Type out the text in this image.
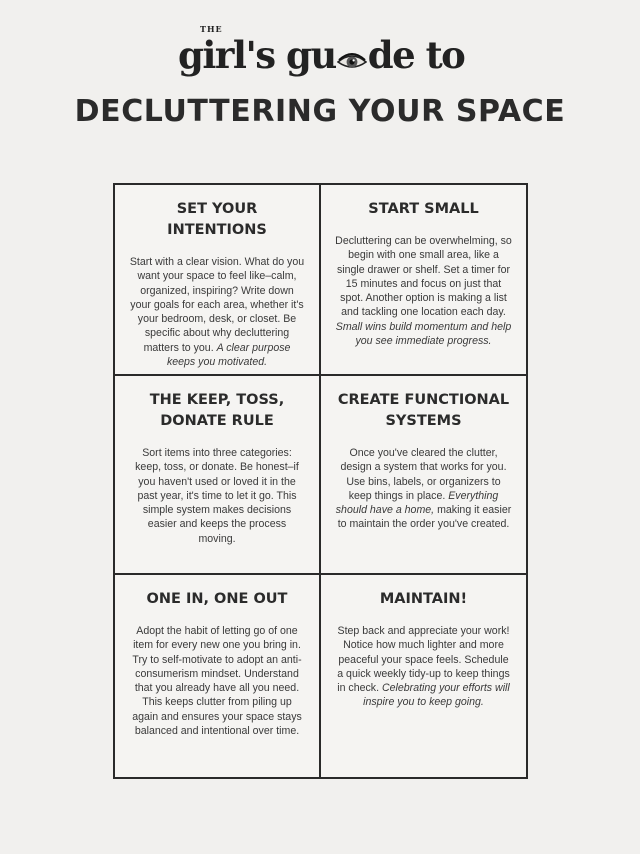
THE
girl's gu de to
DECLUTTERING YOUR SPACE

SET YOUR INTENTIONS

Start with a clear vision. What do you want your space to feel like–calm, organized, inspiring? Write down your goals for each area, whether it's your bedroom, desk, or closet. Be specific about why decluttering matters to you. A clear purpose keeps you motivated.

START SMALL

Decluttering can be overwhelming, so begin with one small area, like a single drawer or shelf. Set a timer for 15 minutes and focus on just that spot. Another option is making a list and tackling one location each day. Small wins build momentum and help you see immediate progress.

THE KEEP, TOSS, DONATE RULE

Sort items into three categories: keep, toss, or donate. Be honest–if you haven't used or loved it in the past year, it's time to let it go. This simple system makes decisions easier and keeps the process moving.

CREATE FUNCTIONAL SYSTEMS

Once you've cleared the clutter, design a system that works for you. Use bins, labels, or organizers to keep things in place. Everything should have a home, making it easier to maintain the order you've created.

ONE IN, ONE OUT

Adopt the habit of letting go of one item for every new one you bring in. Try to self-motivate to adopt an anti-consumerism mindset. Understand that you already have all you need. This keeps clutter from piling up again and ensures your space stays balanced and intentional over time.

MAINTAIN!

Step back and appreciate your work! Notice how much lighter and more peaceful your space feels. Schedule a quick weekly tidy-up to keep things in check. Celebrating your efforts will inspire you to keep going.
